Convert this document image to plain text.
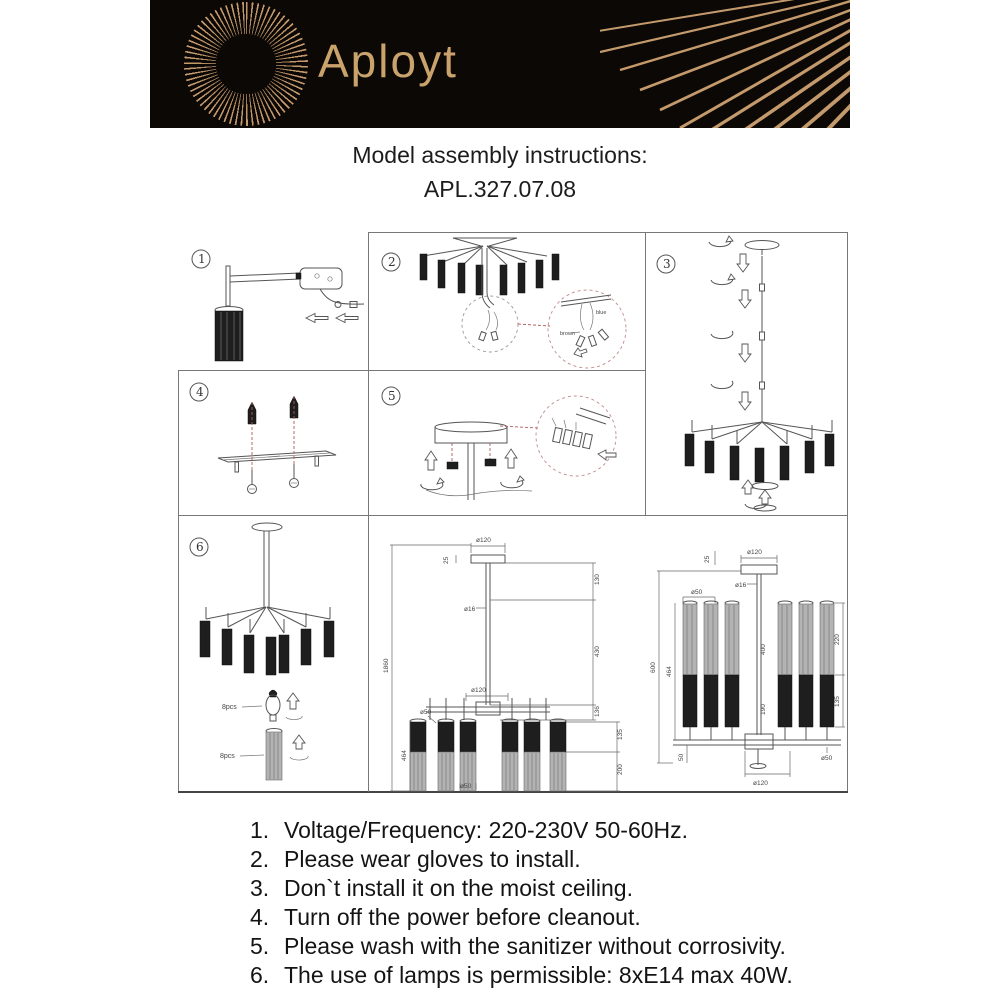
Aployt
Model assembly instructions:
APL.327.07.08
1	2
blue
brown
3
4	5
6
8pcs
8pcs
ø120
25
ø16
130
430
136
ø120
1860
464
ø50
135
200
ø50
25
ø120
ø16
400
190
ø50
600 464
50
220
135
ø50
ø120
1. Voltage/Frequency: 220-230V 50-60Hz.
2. Please wear gloves to install.
3. Don`t install it on the moist ceiling.
4. Turn off the power before cleanout.
5. Please wash with the sanitizer without corrosivity.
6. The use of lamps is permissible: 8xE14 max 40W.
